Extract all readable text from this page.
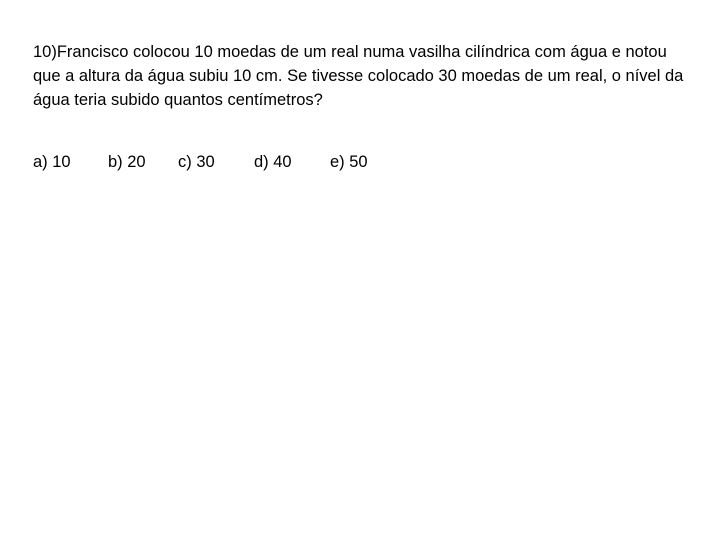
10)Francisco colocou 10 moedas de um real numa vasilha cilíndrica com água e notou que a altura da água subiu 10 cm. Se tivesse colocado 30 moedas de um real, o nível da água teria subido quantos centímetros?

a) 10 b) 20 c) 30 d) 40 e) 50
